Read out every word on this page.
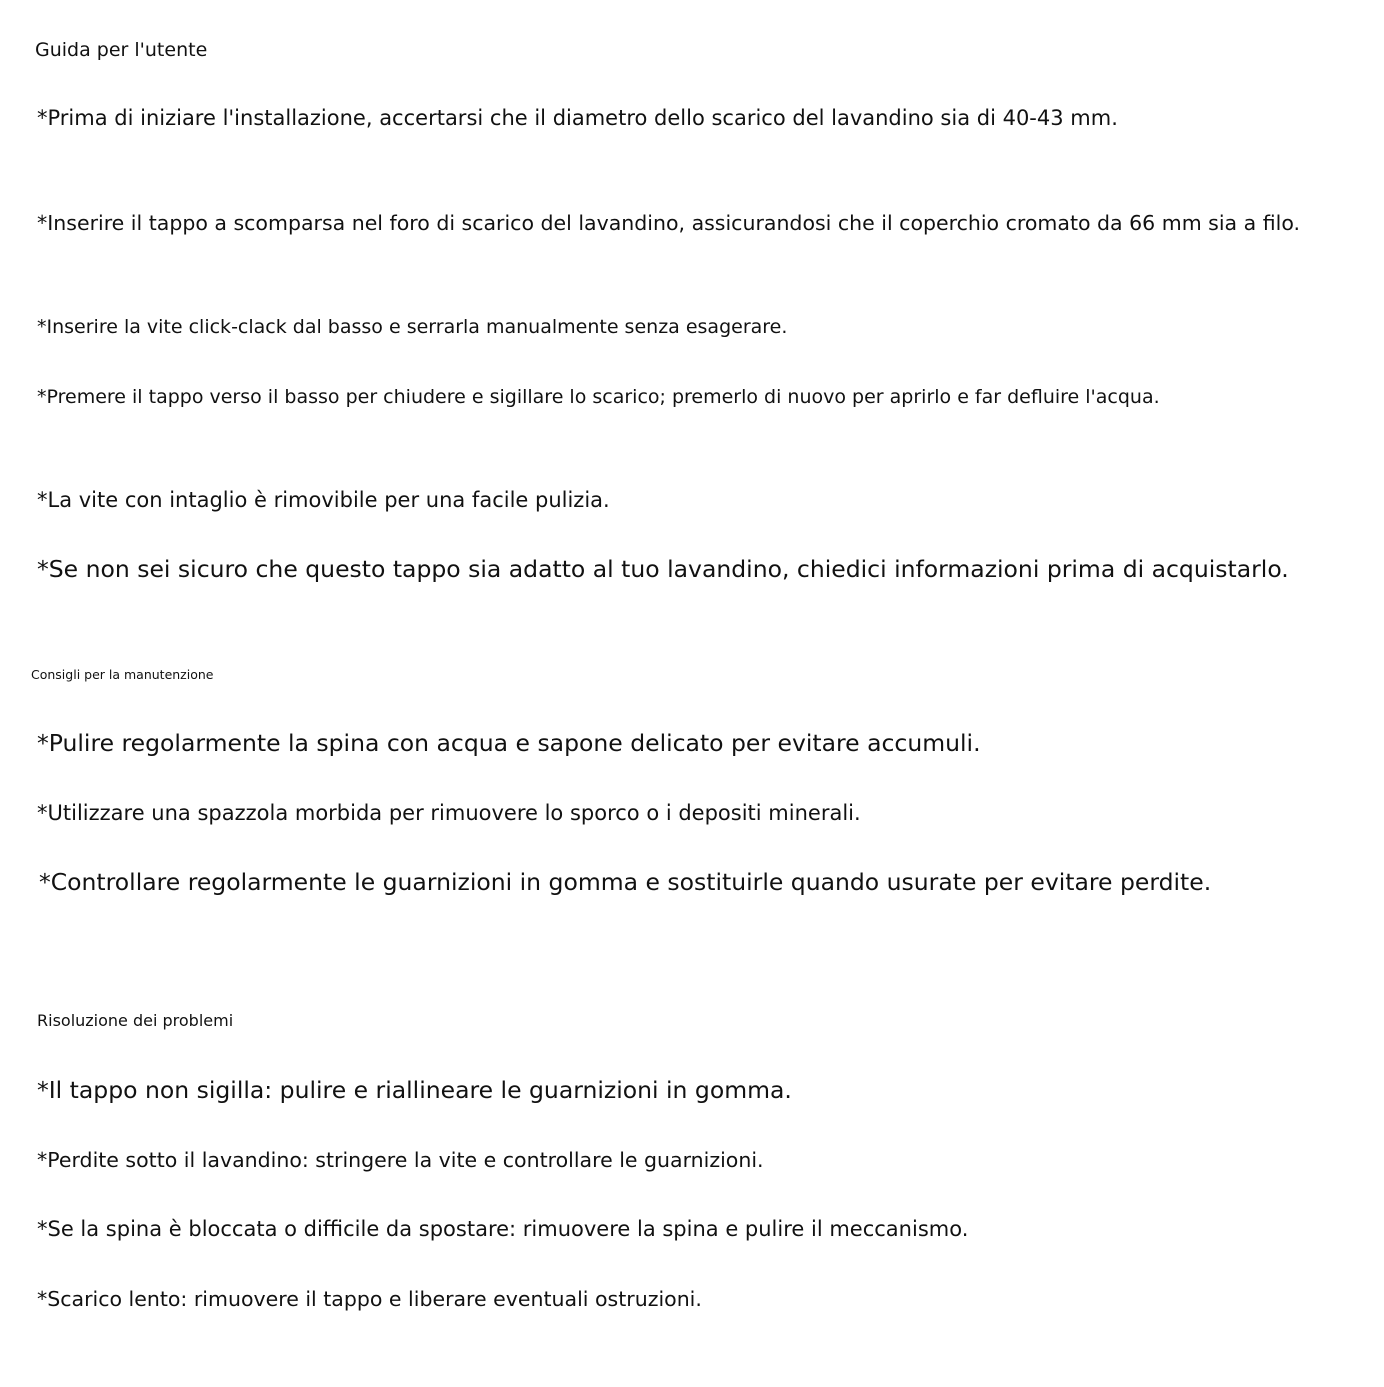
Guida per l'utente

*Prima di iniziare l'installazione, accertarsi che il diametro dello scarico del lavandino sia di 40-43 mm.

*Inserire il tappo a scomparsa nel foro di scarico del lavandino, assicurandosi che il coperchio cromato da 66 mm sia a filo.

*Inserire la vite click-clack dal basso e serrarla manualmente senza esagerare.

*Premere il tappo verso il basso per chiudere e sigillare lo scarico; premerlo di nuovo per aprirlo e far defluire l'acqua.

*La vite con intaglio è rimovibile per una facile pulizia.

*Se non sei sicuro che questo tappo sia adatto al tuo lavandino, chiedici informazioni prima di acquistarlo.

Consigli per la manutenzione

*Pulire regolarmente la spina con acqua e sapone delicato per evitare accumuli.

*Utilizzare una spazzola morbida per rimuovere lo sporco o i depositi minerali.

*Controllare regolarmente le guarnizioni in gomma e sostituirle quando usurate per evitare perdite.

Risoluzione dei problemi

*Il tappo non sigilla: pulire e riallineare le guarnizioni in gomma.

*Perdite sotto il lavandino: stringere la vite e controllare le guarnizioni.

*Se la spina è bloccata o difficile da spostare: rimuovere la spina e pulire il meccanismo.

*Scarico lento: rimuovere il tappo e liberare eventuali ostruzioni.
